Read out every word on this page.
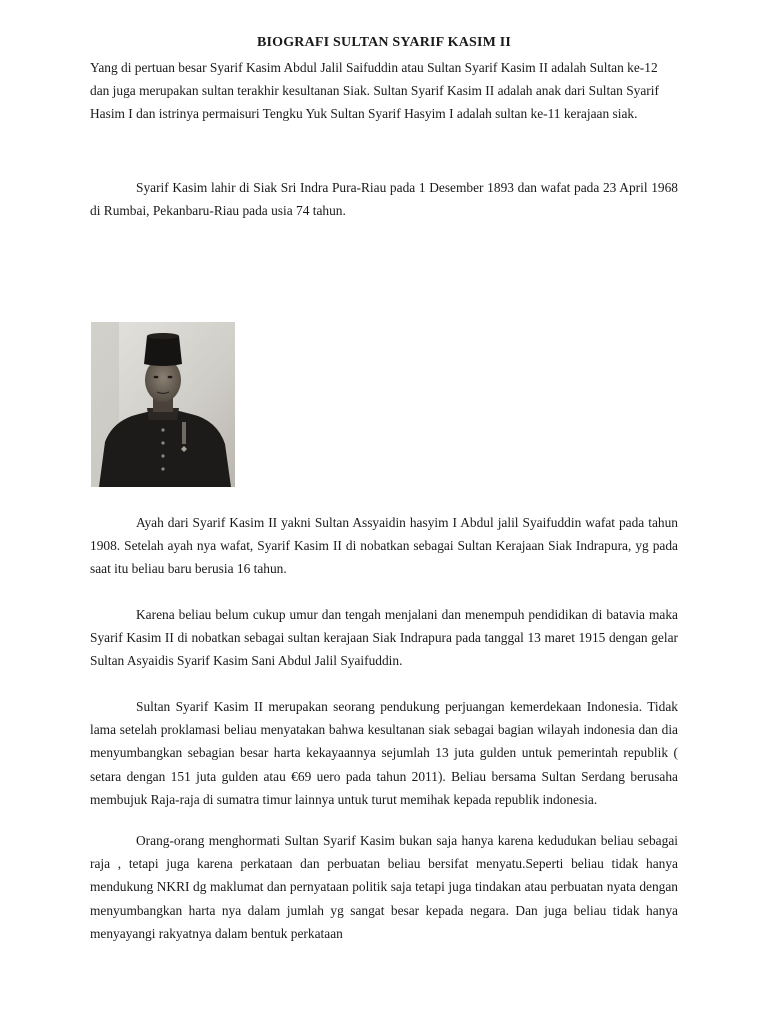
BIOGRAFI SULTAN SYARIF KASIM II

Yang di pertuan besar Syarif Kasim Abdul Jalil Saifuddin atau Sultan Syarif Kasim II adalah Sultan ke-12 dan juga merupakan sultan terakhir kesultanan Siak. Sultan Syarif Kasim II adalah anak dari Sultan Syarif Hasim I dan istrinya permaisuri Tengku Yuk Sultan Syarif Hasyim I adalah sultan ke-11 kerajaan siak.

Syarif Kasim lahir di Siak Sri Indra Pura-Riau pada 1 Desember 1893 dan wafat pada 23 April 1968 di Rumbai, Pekanbaru-Riau pada usia 74 tahun.

Ayah dari Syarif Kasim II yakni Sultan Assyaidin hasyim I Abdul jalil Syaifuddin wafat pada tahun 1908. Setelah ayah nya wafat, Syarif Kasim II di nobatkan sebagai Sultan Kerajaan Siak Indrapura, yg pada saat itu beliau baru berusia 16 tahun.

Karena beliau belum cukup umur dan tengah menjalani dan menempuh pendidikan di batavia maka Syarif Kasim II di nobatkan sebagai sultan kerajaan Siak Indrapura pada tanggal 13 maret 1915 dengan gelar Sultan Asyaidis Syarif Kasim Sani Abdul Jalil Syaifuddin.

Sultan Syarif Kasim II merupakan seorang pendukung perjuangan kemerdekaan Indonesia. Tidak lama setelah proklamasi beliau menyatakan bahwa kesultanan siak sebagai bagian wilayah indonesia dan dia menyumbangkan sebagian besar harta kekayaannya sejumlah 13 juta gulden untuk pemerintah republik ( setara dengan 151 juta gulden atau €69 uero pada tahun 2011). Beliau bersama Sultan Serdang berusaha membujuk Raja-raja di sumatra timur lainnya untuk turut memihak kepada republik indonesia.

Orang-orang menghormati Sultan Syarif Kasim bukan saja hanya karena kedudukan beliau sebagai raja , tetapi juga karena perkataan dan perbuatan beliau bersifat menyatu.Seperti beliau tidak hanya mendukung NKRI dg maklumat dan pernyataan politik saja tetapi juga tindakan atau perbuatan nyata dengan menyumbangkan harta nya dalam jumlah yg sangat besar kepada negara. Dan juga beliau tidak hanya menyayangi rakyatnya dalam bentuk perkataan
